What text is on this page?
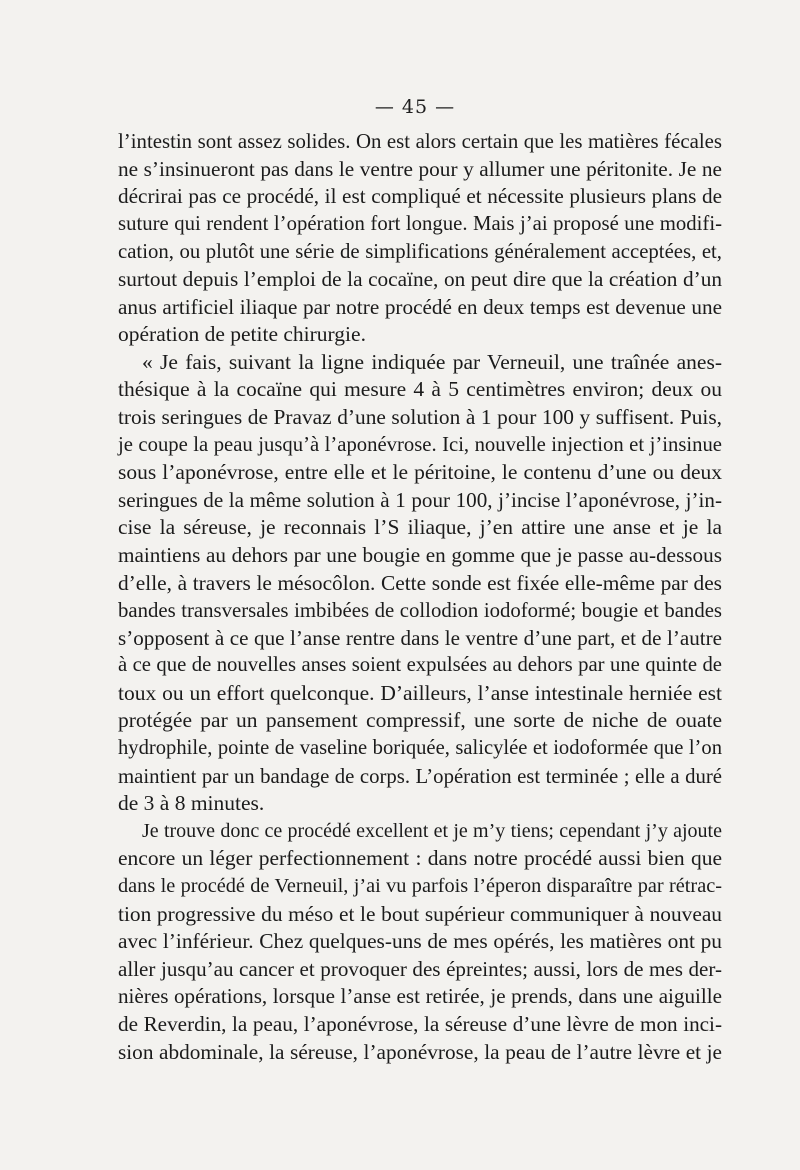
— 45 —
l’intestin sont assez solides. On est alors certain que les matières fécales
ne s’insinueront pas dans le ventre pour y allumer une péritonite. Je ne
décrirai pas ce procédé, il est compliqué et nécessite plusieurs plans de
suture qui rendent l’opération fort longue. Mais j’ai proposé une modifi-
cation, ou plutôt une série de simplifications généralement acceptées, et,
surtout depuis l’emploi de la cocaïne, on peut dire que la création d’un
anus artificiel iliaque par notre procédé en deux temps est devenue une
opération de petite chirurgie.
« Je fais, suivant la ligne indiquée par Verneuil, une traînée anes-
thésique à la cocaïne qui mesure 4 à 5 centimètres environ; deux ou
trois seringues de Pravaz d’une solution à 1 pour 100 y suffisent. Puis,
je coupe la peau jusqu’à l’aponévrose. Ici, nouvelle injection et j’insinue
sous l’aponévrose, entre elle et le péritoine, le contenu d’une ou deux
seringues de la même solution à 1 pour 100, j’incise l’aponévrose, j’in-
cise la séreuse, je reconnais l’S iliaque, j’en attire une anse et je la
maintiens au dehors par une bougie en gomme que je passe au-dessous
d’elle, à travers le mésocôlon. Cette sonde est fixée elle-même par des
bandes transversales imbibées de collodion iodoformé; bougie et bandes
s’opposent à ce que l’anse rentre dans le ventre d’une part, et de l’autre
à ce que de nouvelles anses soient expulsées au dehors par une quinte de
toux ou un effort quelconque. D’ailleurs, l’anse intestinale herniée est
protégée par un pansement compressif, une sorte de niche de ouate
hydrophile, pointe de vaseline boriquée, salicylée et iodoformée que l’on
maintient par un bandage de corps. L’opération est terminée ; elle a duré
de 3 à 8 minutes.
Je trouve donc ce procédé excellent et je m’y tiens; cependant j’y ajoute
encore un léger perfectionnement : dans notre procédé aussi bien que
dans le procédé de Verneuil, j’ai vu parfois l’éperon disparaître par rétrac-
tion progressive du méso et le bout supérieur communiquer à nouveau
avec l’inférieur. Chez quelques-uns de mes opérés, les matières ont pu
aller jusqu’au cancer et provoquer des épreintes; aussi, lors de mes der-
nières opérations, lorsque l’anse est retirée, je prends, dans une aiguille
de Reverdin, la peau, l’aponévrose, la séreuse d’une lèvre de mon inci-
sion abdominale, la séreuse, l’aponévrose, la peau de l’autre lèvre et je
